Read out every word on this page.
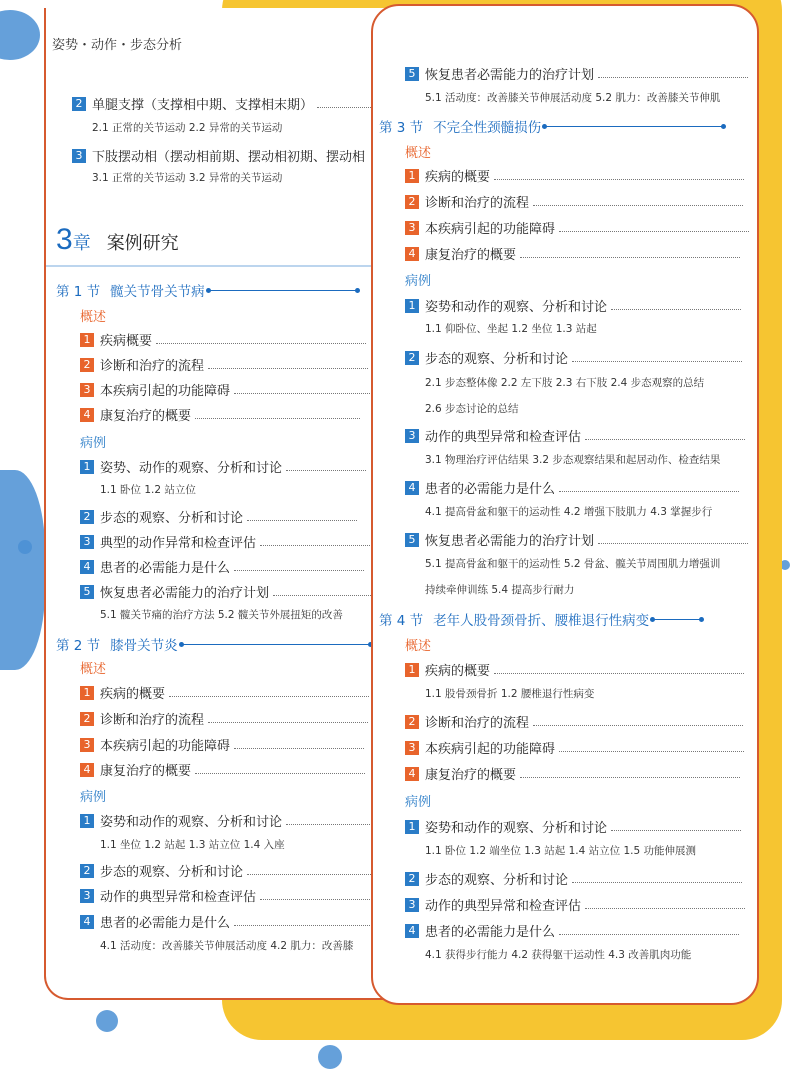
姿势・动作・步态分析
2 单腿支撑（支撑相中期、支撑相末期）
2.1 正常的关节运动 2.2 异常的关节运动
3 下肢摆动相（摆动相前期、摆动相初期、摆动相
3.1 正常的关节运动 3.2 异常的关节运动
3 章 案例研究
第 1 节 髋关节骨关节病
概述
1 疾病概要
2 诊断和治疗的流程
3 本疾病引起的功能障碍
4 康复治疗的概要
病例
1 姿势、动作的观察、分析和讨论
1.1 卧位 1.2 站立位
2 步态的观察、分析和讨论
3 典型的动作异常和检查评估
4 患者的必需能力是什么
5 恢复患者必需能力的治疗计划
5.1 髋关节痛的治疗方法 5.2 髋关节外展扭矩的改善
第 2 节 膝骨关节炎
概述
1 疾病的概要
2 诊断和治疗的流程
3 本疾病引起的功能障碍
4 康复治疗的概要
病例
1 姿势和动作的观察、分析和讨论
1.1 坐位 1.2 站起 1.3 站立位 1.4 入座
2 步态的观察、分析和讨论
3 动作的典型异常和检查评估
4 患者的必需能力是什么
4.1 活动度：改善膝关节伸展活动度 4.2 肌力：改善膝
5 恢复患者必需能力的治疗计划
5.1 活动度：改善膝关节伸展活动度 5.2 肌力：改善膝关节伸肌
第 3 节 不完全性颈髓损伤
概述
1 疾病的概要
2 诊断和治疗的流程
3 本疾病引起的功能障碍
4 康复治疗的概要
病例
1 姿势和动作的观察、分析和讨论
1.1 仰卧位、坐起 1.2 坐位 1.3 站起
2 步态的观察、分析和讨论
2.1 步态整体像 2.2 左下肢 2.3 右下肢 2.4 步态观察的总结
2.6 步态讨论的总结
3 动作的典型异常和检查评估
3.1 物理治疗评估结果 3.2 步态观察结果和起居动作、检查结果
4 患者的必需能力是什么
4.1 提高骨盆和躯干的运动性 4.2 增强下肢肌力 4.3 掌握步行
5 恢复患者必需能力的治疗计划
5.1 提高骨盆和躯干的运动性 5.2 骨盆、髋关节周围肌力增强训
持续牵伸训练 5.4 提高步行耐力
第 4 节 老年人股骨颈骨折、腰椎退行性病变
概述
1 疾病的概要
1.1 股骨颈骨折 1.2 腰椎退行性病变
2 诊断和治疗的流程
3 本疾病引起的功能障碍
4 康复治疗的概要
病例
1 姿势和动作的观察、分析和讨论
1.1 卧位 1.2 端坐位 1.3 站起 1.4 站立位 1.5 功能伸展测
2 步态的观察、分析和讨论
3 动作的典型异常和检查评估
4 患者的必需能力是什么
4.1 获得步行能力 4.2 获得躯干运动性 4.3 改善肌肉功能
